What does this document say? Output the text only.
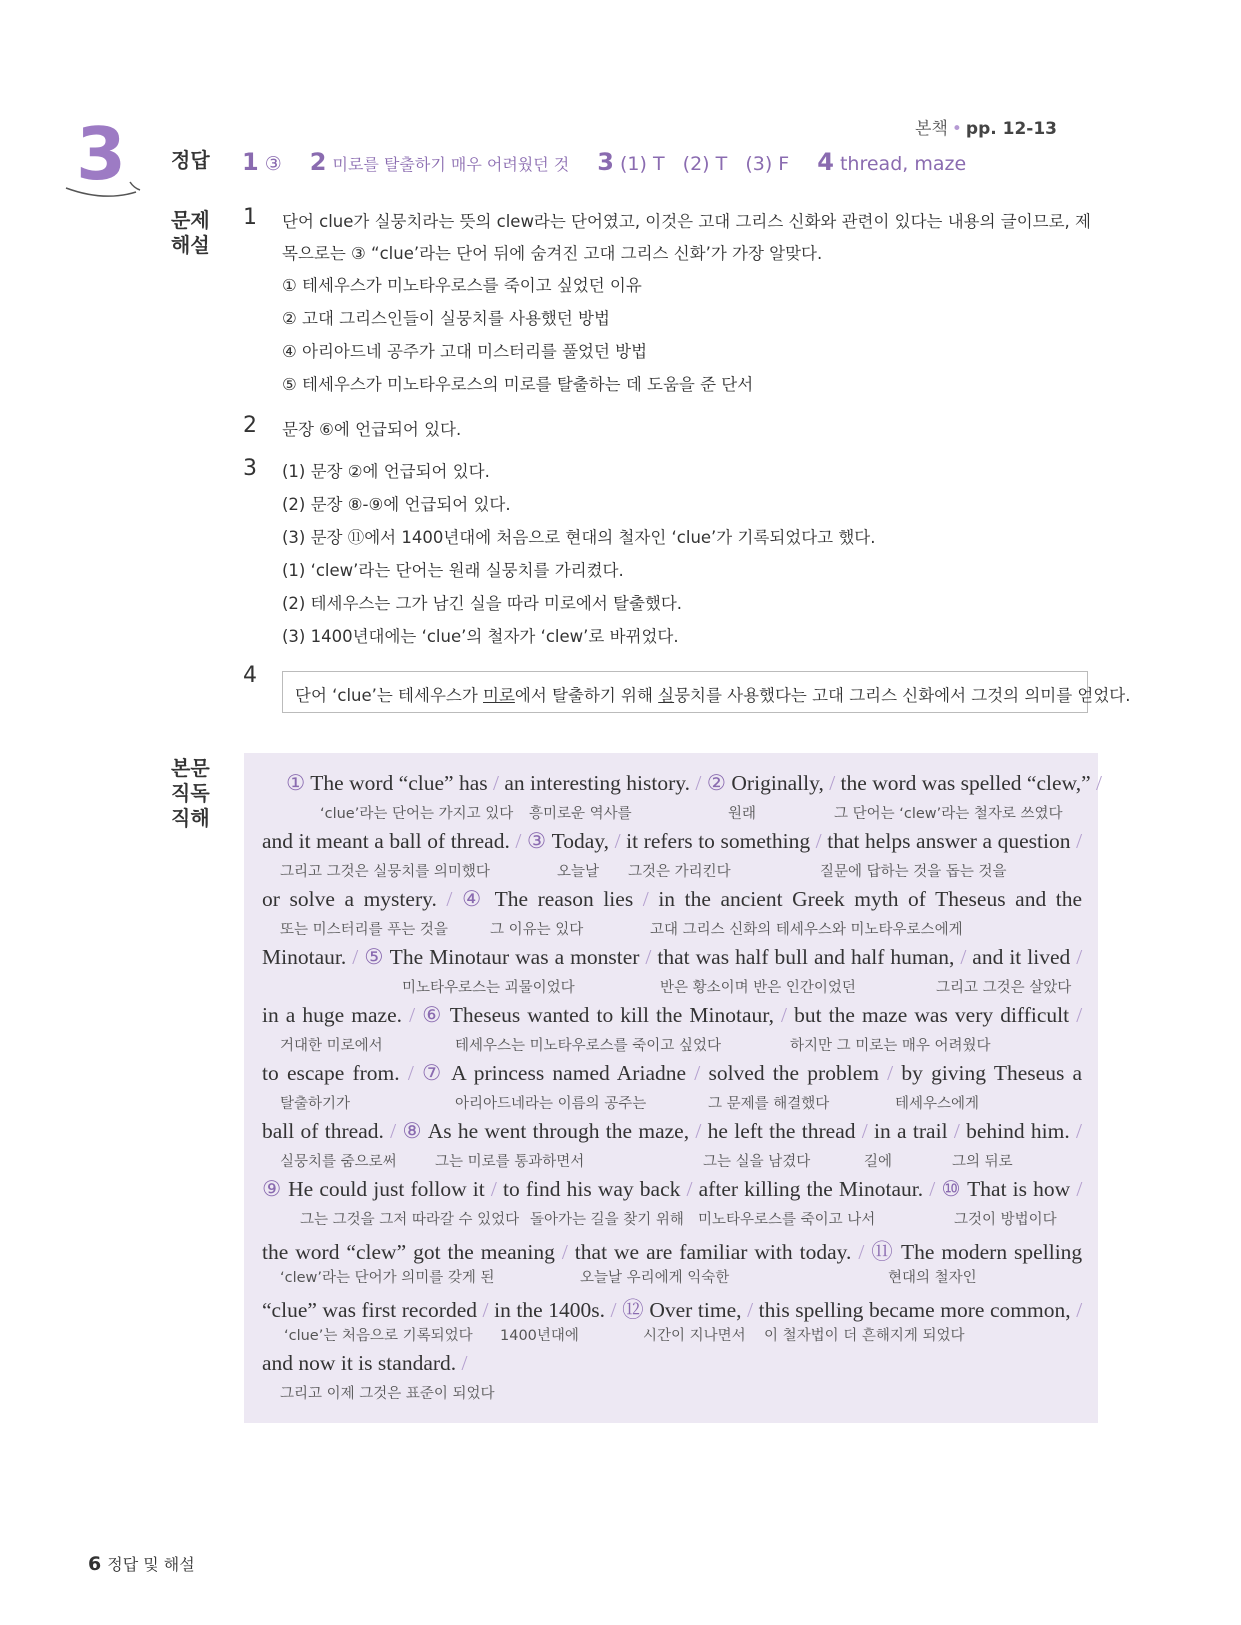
본책 • pp. 12-13
3 정답
문제
해설
본문
직독
직해
1 ③ 2 미로를 탈출하기 매우 어려웠던 것 3 (1) T   (2) T   (3) F 4 thread, maze
1 단어 clue가 실뭉치라는 뜻의 clew라는 단어였고, 이것은 고대 그리스 신화와 관련이 있다는 내용의 글이므로, 제
목으로는 ③ “clue’라는 단어 뒤에 숨겨진 고대 그리스 신화’가 가장 알맞다.
① 테세우스가 미노타우로스를 죽이고 싶었던 이유
② 고대 그리스인들이 실뭉치를 사용했던 방법
④ 아리아드네 공주가 고대 미스터리를 풀었던 방법
⑤ 테세우스가 미노타우로스의 미로를 탈출하는 데 도움을 준 단서
2 문장 ⑥에 언급되어 있다.
3 (1) 문장 ②에 언급되어 있다.
(2) 문장 ⑧-⑨에 언급되어 있다.
(3) 문장 ⑪에서 1400년대에 처음으로 현대의 철자인 ‘clue’가 기록되었다고 했다.
(1) ‘clew’라는 단어는 원래 실뭉치를 가리켰다.
(2) 테세우스는 그가 남긴 실을 따라 미로에서 탈출했다.
(3) 1400년대에는 ‘clue’의 철자가 ‘clew’로 바뀌었다.
4
단어 ‘clue’는 테세우스가 미로에서 탈출하기 위해 실뭉치를 사용했다는 고대 그리스 신화에서 그것의 의미를 얻었다.
① The word “clue” has / an interesting history. / ② Originally, / the word was spelled “clew,” /
‘clue’라는 단어는 가지고 있다 흥미로운 역사를	원래	그 단어는 ‘clew’라는 철자로 쓰였다
and it meant a ball of thread. / ③ Today, / it refers to something / that helps answer a question /
그리고 그것은 실뭉치를 의미했다	오늘날 그것은 가리킨다	질문에 답하는 것을 돕는 것을
or solve a mystery. / ④ The reason lies / in the ancient Greek myth of Theseus and the
또는 미스터리를 푸는 것을	그 이유는 있다	고대 그리스 신화의 테세우스와 미노타우로스에게
Minotaur. / ⑤ The Minotaur was a monster / that was half bull and half human, / and it lived /
미노타우로스는 괴물이었다	반은 황소이며 반은 인간이었던	그리고 그것은 살았다
in a huge maze. / ⑥ Theseus wanted to kill the Minotaur, / but the maze was very difficult /
거대한 미로에서	테세우스는 미노타우로스를 죽이고 싶었다	하지만 그 미로는 매우 어려웠다
to escape from. / ⑦ A princess named Ariadne / solved the problem / by giving Theseus a
탈출하기가	아리아드네라는 이름의 공주는	그 문제를 해결했다	테세우스에게
ball of thread. / ⑧ As he went through the maze, / he left the thread / in a trail / behind him. /
실뭉치를 줌으로써	그는 미로를 통과하면서	그는 실을 남겼다	길에	그의 뒤로
⑨ He could just follow it / to find his way back / after killing the Minotaur. / ⑩ That is how /
그는 그것을 그저 따라갈 수 있었다 돌아가는 길을 찾기 위해 미노타우로스를 죽이고 나서	그것이 방법이다
the word “clew” got the meaning / that we are familiar with today. / ⑪ The modern spelling
‘clew’라는 단어가 의미를 갖게 된	오늘날 우리에게 익숙한	현대의 철자인
“clue” was first recorded / in the 1400s. / ⑫ Over time, / this spelling became more common, /
‘clue’는 처음으로 기록되었다 1400년대에	시간이 지나면서 이 철자법이 더 흔해지게 되었다
and now it is standard. /
그리고 이제 그것은 표준이 되었다
6 정답 및 해설
